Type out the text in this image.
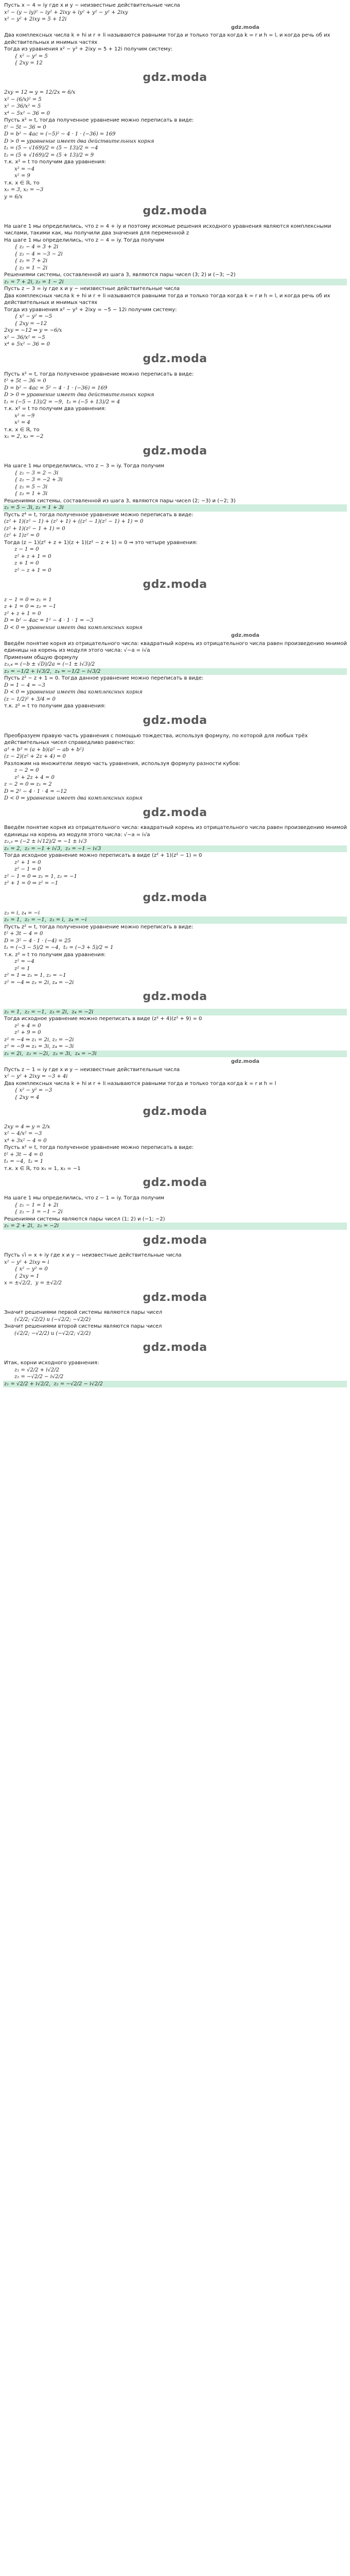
Пусть x − 4 = iy где x и y − неизвестные действительные числа
x² − (y − iy)² − iy² + 2ixy + iy² + y² − y² + 2ixy
x² − y² + 2ixy = 5 + 12i
gdz.moda
Два комплексных числа k + hi и r + li называются равными тогда и только тогда когда k = r и h = l, и когда речь об их действительных и мнимых частях
Тогда из уравнения x² − y² + 2ixy = 5 + 12i получим систему:
{ x² − y² = 5
{ 2xy = 12
gdz.moda
2xy = 12 ⇒ y = 12/2x = 6/x
x² − (6/x)² = 5
x² − 36/x² = 5
x⁴ − 5x² − 36 = 0
Пусть x² = t, тогда полученное уравнение можно переписать в виде:
t² − 5t − 36 = 0
D = b² − 4ac = (−5)² − 4 · 1 · (−36) = 169
D > 0 ⇒ уравнение имеет два действительных корня
t₁ = (5 − √169)/2 = (5 − 13)/2 = −4
t₂ = (5 + √169)/2 = (5 + 13)/2 = 9
т.к. x² = t то получим два уравнения:
x² = −4
x² = 9
т.к. x ∈ ℝ, то
x₁ = 3, x₂ = −3
y = 6/x
gdz.moda
На шаге 1 мы определились, что z = 4 + iy и поэтому искомые решения исходного уравнения являются комплексными числами, такими как, мы получили два значения для переменной z
На шаге 1 мы определились, что z − 4 = iy. Тогда получим
{ z₁ − 4 = 3 + 2i
{ z₂ − 4 = −3 − 2i
{ z₁ = 7 + 2i
{ z₂ = 1 − 2i
Решениями системы, составленной из шага 3, являются пары чисел (3; 2) и (−3; −2)
z₁ = 7 + 2i, z₂ = 1 − 2i
Пусть z − 3 = iy где x и y − неизвестные действительные числа
Два комплексных числа k + hi и r + li называются равными тогда и только тогда когда k = r и h = l, и когда речь об их действительных и мнимых частях
Тогда из уравнения x² − y² + 2ixy = −5 − 12i получим систему:
{ x² − y² = −5
{ 2xy = −12
2xy = −12 ⇒ y = −6/x
x² − 36/x² = −5
x⁴ + 5x² − 36 = 0
gdz.moda
Пусть x² = t, тогда полученное уравнение можно переписать в виде:
t² + 5t − 36 = 0
D = b² − 4ac = 5² − 4 · 1 · (−36) = 169
D > 0 ⇒ уравнение имеет два действительных корня
t₁ = (−5 − 13)/2 = −9,  t₂ = (−5 + 13)/2 = 4
т.к. x² = t то получим два уравнения:
x² = −9
x² = 4
т.к. x ∈ ℝ, то
x₁ = 2, x₂ = −2
gdz.moda
На шаге 1 мы определились, что z − 3 = iy. Тогда получим
{ z₁ − 3 = 2 − 3i
{ z₂ − 3 = −2 + 3i
{ z₁ = 5 − 3i
{ z₂ = 1 + 3i
Решениями системы, составленной из шага 3, являются пары чисел (2; −3) и (−2; 3)
z₁ = 5 − 3i, z₂ = 1 + 3i
Пусть z⁴ = t, тогда полученное уравнение можно переписать в виде:
(z² + 1)(z² − 1) + (z² + 1) + ((z² − 1)(z² − 1) + 1) = 0
(z² + 1)(z² − 1 + 1) = 0
(z² + 1)z² = 0
Тогда (z − 1)(z² + z + 1)(z + 1)(z² − z + 1) = 0 ⇒ это четыре уравнения:
z − 1 = 0
z² + z + 1 = 0
z + 1 = 0
z² − z + 1 = 0
gdz.moda
z − 1 = 0 ⇒ z₁ = 1
z + 1 = 0 ⇒ z₂ = −1
z² + z + 1 = 0
D = b² − 4ac = 1² − 4 · 1 · 1 = −3
D < 0 ⇒ уравнение имеет два комплексных корня
gdz.moda
Введём понятие корня из отрицательного числа: квадратный корень из отрицательного числа равен произведению мнимой единицы на корень из модуля этого числа: √−a = i√a
Применим общую формулу
z₃,₄ = (−b ± √D)/2a = (−1 ± i√3)/2
z₃ = −1/2 + i√3/2,  z₄ = −1/2 − i√3/2
Пусть z² − z + 1 = 0. Тогда данное уравнение можно переписать в виде:
D = 1 − 4 = −3
D < 0 ⇒ уравнение имеет два комплексных корня
(z − 1/2)² + 3/4 = 0
т.к. z² = t то получим два уравнения:
gdz.moda
Преобразуем правую часть уравнения с помощью тождества, используя формулу, по которой для любых трёх действительных чисел справедливо равенство:
a³ + b³ = (a + b)(a² − ab + b²)
(z − 2)(z² + 2z + 4) = 0
Разложим на множители левую часть уравнения, используя формулу разности кубов:
z − 2 = 0
z² + 2z + 4 = 0
z − 2 = 0 ⇒ z₁ = 2
D = 2² − 4 · 1 · 4 = −12
D < 0 ⇒ уравнение имеет два комплексных корня
gdz.moda
Введём понятие корня из отрицательного числа: квадратный корень из отрицательного числа равен произведению мнимой единицы на корень из модуля этого числа: √−a = i√a
z₂,₃ = (−2 ± i√12)/2 = −1 ± i√3
z₁ = 2,  z₂ = −1 + i√3,  z₃ = −1 − i√3
Тогда исходное уравнение можно переписать в виде (z² + 1)(z² − 1) = 0
z² + 1 = 0
z² − 1 = 0
z² − 1 = 0 ⇒ z₁ = 1, z₂ = −1
z² + 1 = 0 ⇒ z² = −1
gdz.moda
z₃ = i, z₄ = −i
z₁ = 1,  z₂ = −1,  z₃ = i,  z₄ = −i
Пусть z² = t, тогда полученное уравнение можно переписать в виде:
t² + 3t − 4 = 0
D = 3² − 4 · 1 · (−4) = 25
t₁ = (−3 − 5)/2 = −4,  t₂ = (−3 + 5)/2 = 1
т.к. z² = t то получим два уравнения:
z² = −4
z² = 1
z² = 1 ⇒ z₁ = 1, z₂ = −1
z² = −4 ⇒ z₃ = 2i, z₄ = −2i
gdz.moda
z₁ = 1,  z₂ = −1,  z₃ = 2i,  z₄ = −2i
Тогда исходное уравнение можно переписать в виде (z² + 4)(z² + 9) = 0
z² + 4 = 0
z² + 9 = 0
z² = −4 ⇒ z₁ = 2i, z₂ = −2i
z² = −9 ⇒ z₃ = 3i, z₄ = −3i
z₁ = 2i,  z₂ = −2i,  z₃ = 3i,  z₄ = −3i
gdz.moda
Пусть z − 1 = iy где x и y − неизвестные действительные числа
x² − y² + 2ixy = −3 + 4i
Два комплексных числа k + hi и r + li называются равными тогда и только тогда когда k = r и h = l
{ x² − y² = −3
{ 2xy = 4
gdz.moda
2xy = 4 ⇒ y = 2/x
x² − 4/x² = −3
x⁴ + 3x² − 4 = 0
Пусть x² = t, тогда полученное уравнение можно переписать в виде:
t² + 3t − 4 = 0
t₁ = −4,  t₂ = 1
т.к. x ∈ ℝ, то x₁ = 1, x₂ = −1
gdz.moda
На шаге 1 мы определились, что z − 1 = iy. Тогда получим
{ z₁ − 1 = 1 + 2i
{ z₂ − 1 = −1 − 2i
Решениями системы являются пары чисел (1; 2) и (−1; −2)
z₁ = 2 + 2i,  z₂ = −2i
gdz.moda
Пусть √i = x + iy где x и y − неизвестные действительные числа
x² − y² + 2ixy = i
{ x² − y² = 0
{ 2xy = 1
x = ±√2/2,  y = ±√2/2
gdz.moda
Значит решениями первой системы являются пары чисел
(√2/2; √2/2) и (−√2/2; −√2/2)
Значит решениями второй системы являются пары чисел
(√2/2; −√2/2) и (−√2/2; √2/2)
gdz.moda
Итак, корни исходного уравнения:
z₁ = √2/2 + i√2/2
z₂ = −√2/2 − i√2/2
z₁ = √2/2 + i√2/2,  z₂ = −√2/2 − i√2/2
